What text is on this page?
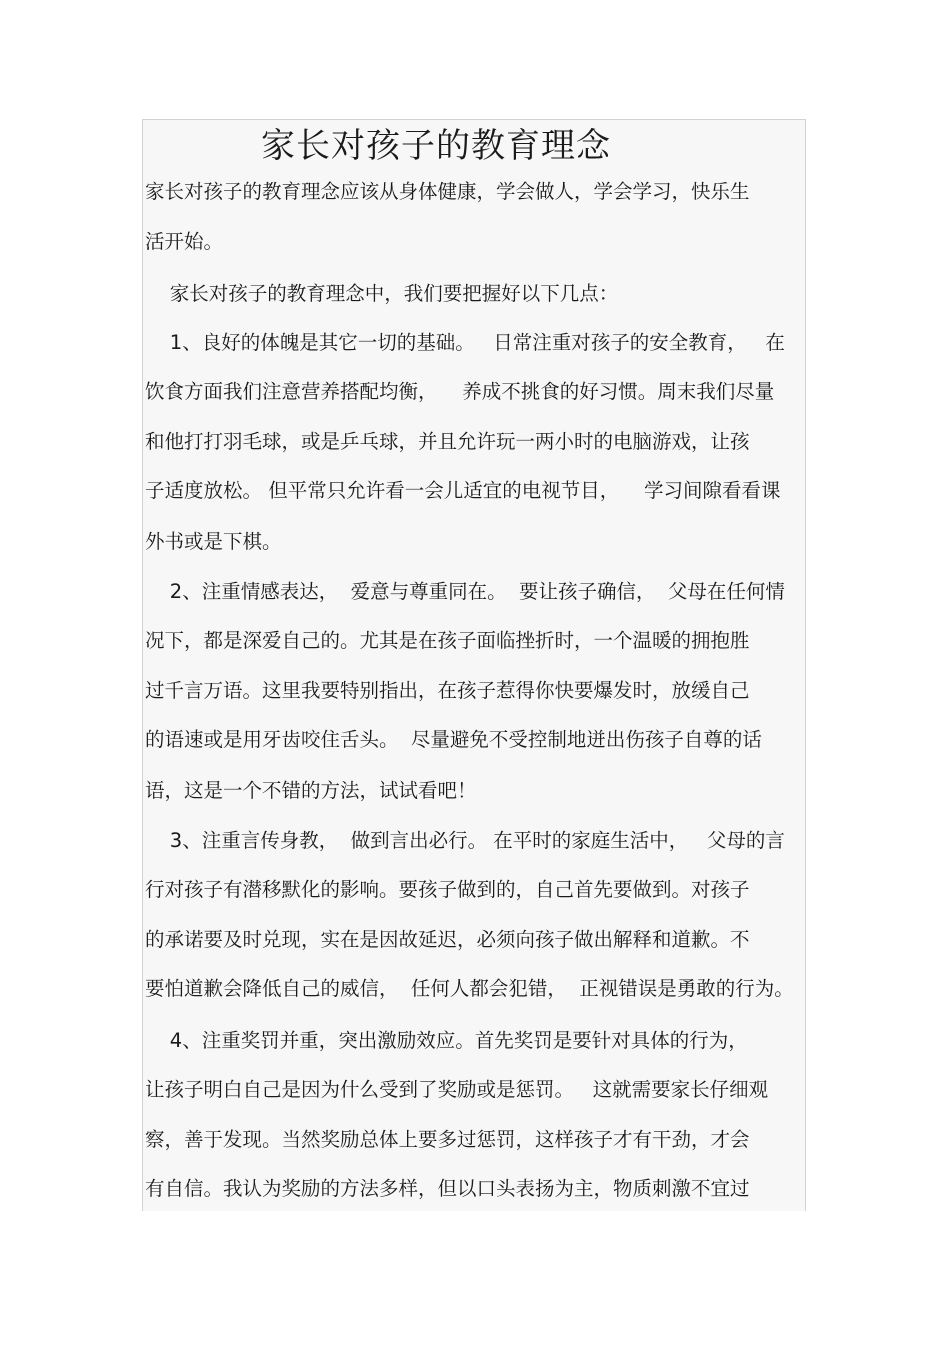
家长对孩子的教育理念
家长对孩子的教育理念应该从身体健康，学会做人，学会学习，快乐生
活开始。
家长对孩子的教育理念中，我们要把握好以下几点：
1、良好的体魄是其它一切的基础。   日常注重对孩子的安全教育，   在
饮食方面我们注意营养搭配均衡，    养成不挑食的好习惯。周末我们尽量
和他打打羽毛球，或是乒乓球，并且允许玩一两小时的电脑游戏，让孩
子适度放松。 但平常只允许看一会儿适宜的电视节目，    学习间隙看看课
外书或是下棋。
2、注重情感表达，  爱意与尊重同在。  要让孩子确信，  父母在任何情
况下，都是深爱自己的。尤其是在孩子面临挫折时，一个温暖的拥抱胜
过千言万语。这里我要特别指出，在孩子惹得你快要爆发时，放缓自己
的语速或是用牙齿咬住舌头。  尽量避免不受控制地迸出伤孩子自尊的话
语，这是一个不错的方法，试试看吧！
3、注重言传身教，  做到言出必行。 在平时的家庭生活中，   父母的言
行对孩子有潜移默化的影响。要孩子做到的，自己首先要做到。对孩子
的承诺要及时兑现，实在是因故延迟，必须向孩子做出解释和道歉。不
要怕道歉会降低自己的威信，  任何人都会犯错，  正视错误是勇敢的行为。
4、注重奖罚并重，突出激励效应。首先奖罚是要针对具体的行为，
让孩子明白自己是因为什么受到了奖励或是惩罚。   这就需要家长仔细观
察，善于发现。当然奖励总体上要多过惩罚，这样孩子才有干劲，才会
有自信。我认为奖励的方法多样，但以口头表扬为主，物质刺激不宜过
